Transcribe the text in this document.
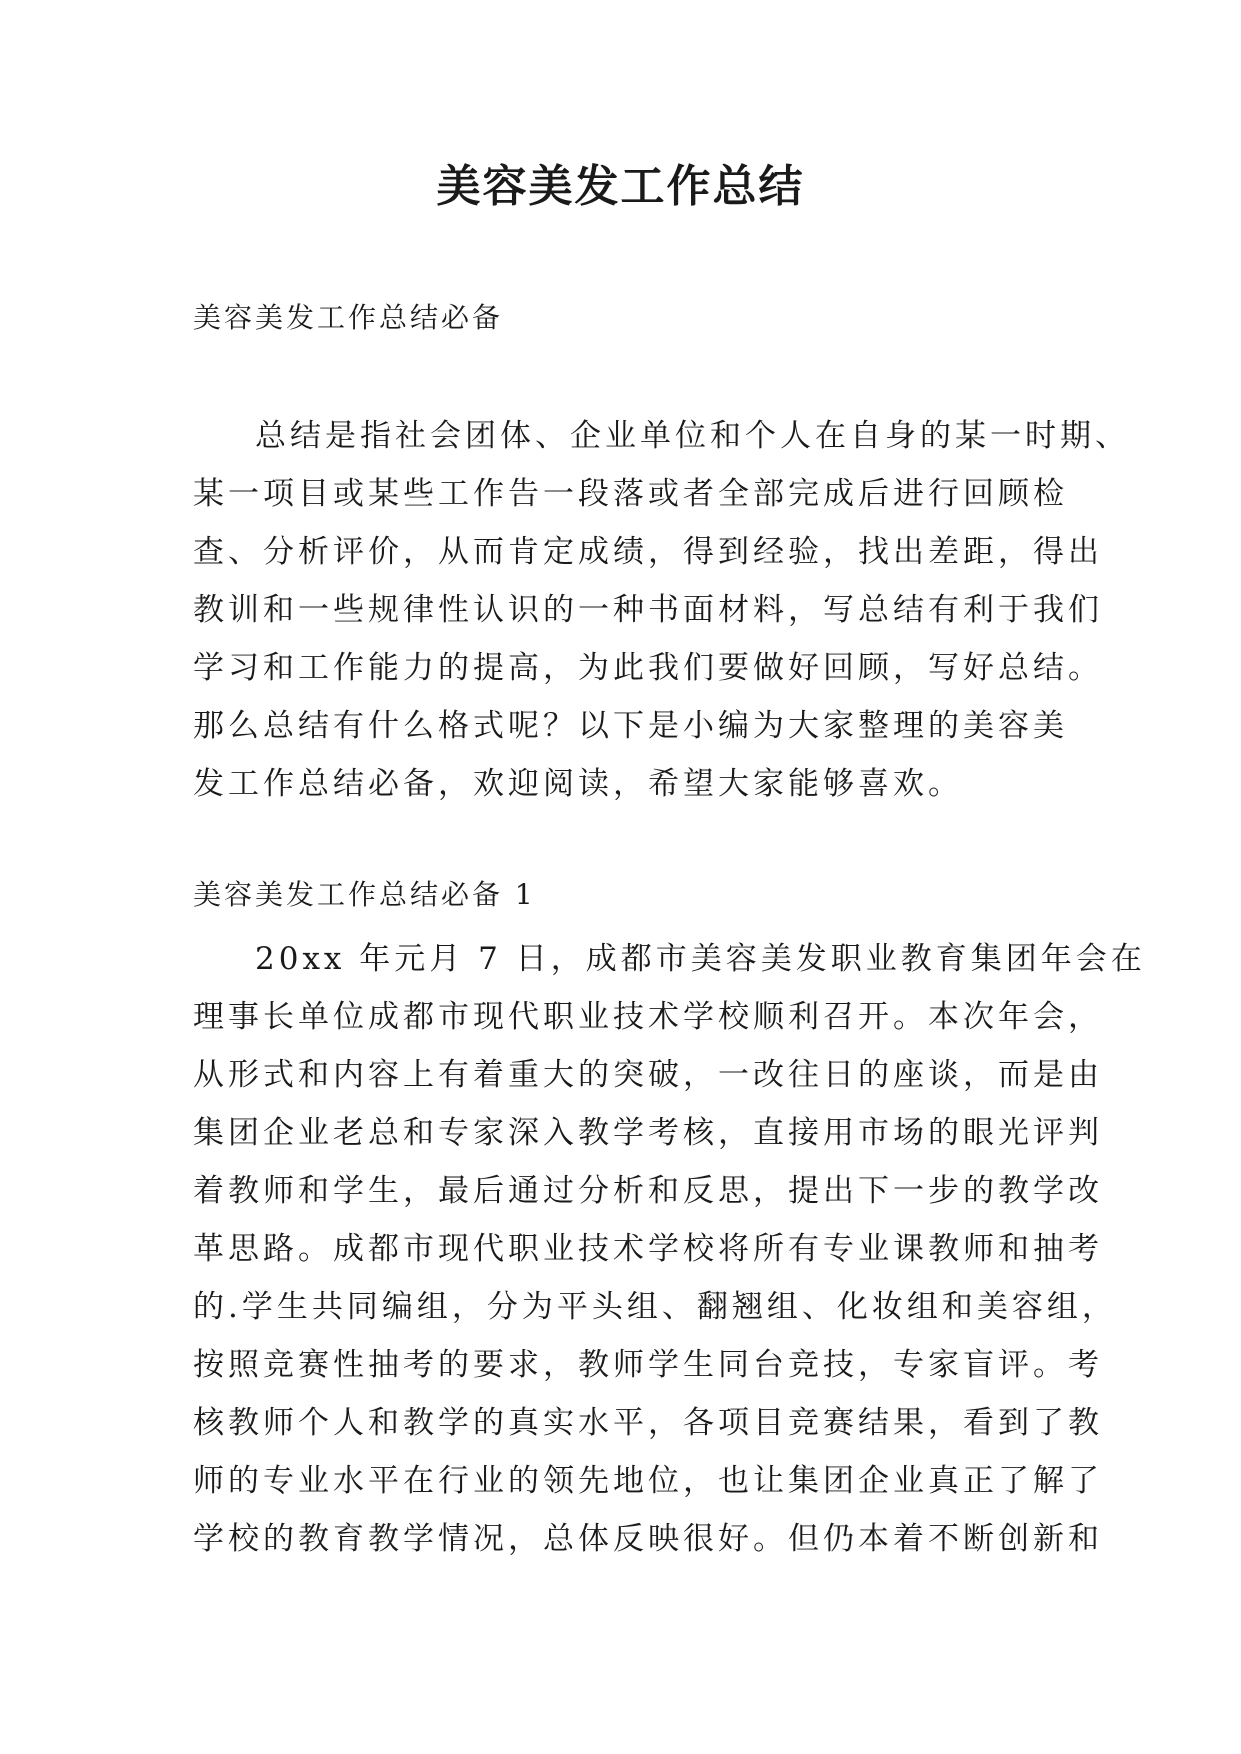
美容美发工作总结

美容美发工作总结必备

总结是指社会团体、企业单位和个人在自身的某一时期、
某一项目或某些工作告一段落或者全部完成后进行回顾检
查、分析评价，从而肯定成绩，得到经验，找出差距，得出
教训和一些规律性认识的一种书面材料，写总结有利于我们
学习和工作能力的提高，为此我们要做好回顾，写好总结。
那么总结有什么格式呢？以下是小编为大家整理的美容美
发工作总结必备，欢迎阅读，希望大家能够喜欢。

美容美发工作总结必备 1

20xx 年元月 7 日，成都市美容美发职业教育集团年会在
理事长单位成都市现代职业技术学校顺利召开。本次年会，
从形式和内容上有着重大的突破，一改往日的座谈，而是由
集团企业老总和专家深入教学考核，直接用市场的眼光评判
着教师和学生，最后通过分析和反思，提出下一步的教学改
革思路。成都市现代职业技术学校将所有专业课教师和抽考
的.学生共同编组，分为平头组、翻翘组、化妆组和美容组，
按照竞赛性抽考的要求，教师学生同台竞技，专家盲评。考
核教师个人和教学的真实水平，各项目竞赛结果，看到了教
师的专业水平在行业的领先地位，也让集团企业真正了解了
学校的教育教学情况，总体反映很好。但仍本着不断创新和
